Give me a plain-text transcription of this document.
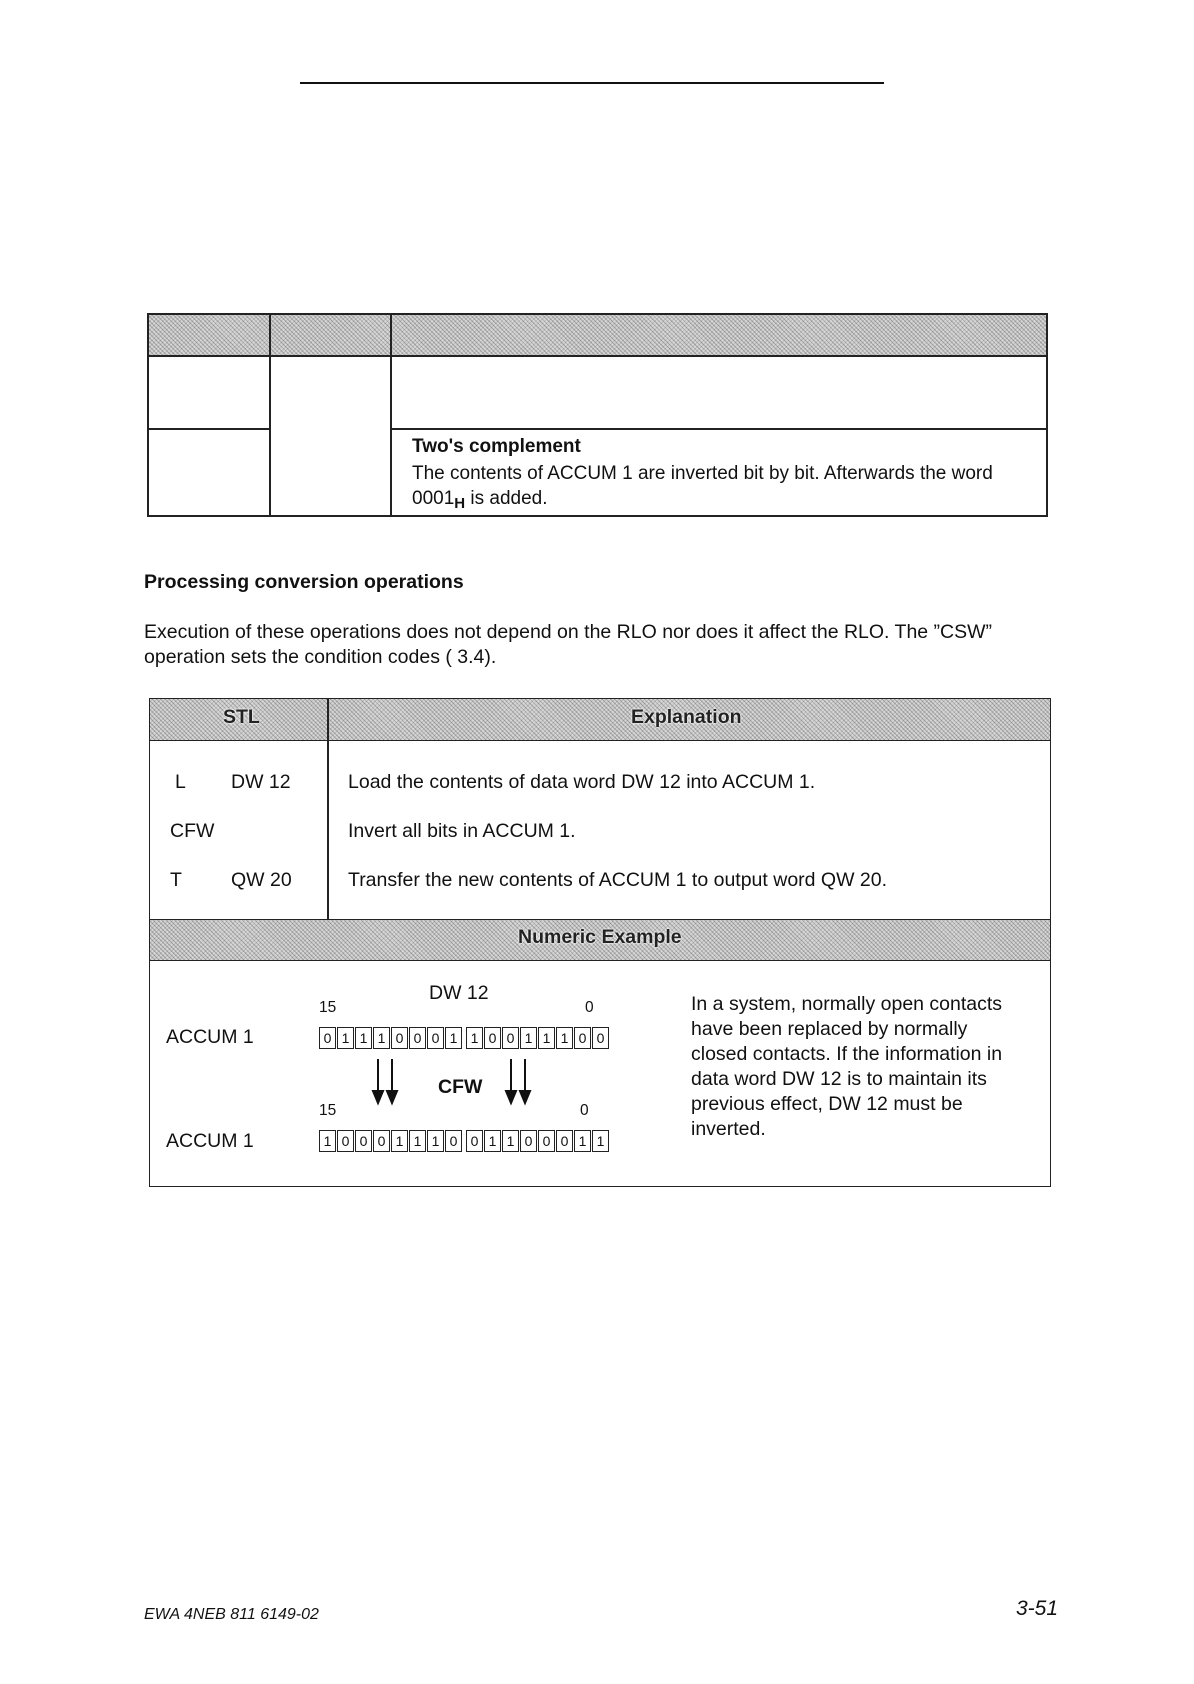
Two's complement
The contents of ACCUM 1 are inverted bit by bit. Afterwards the word $0001_H$ is added.
Processing conversion operations
Execution of these operations does not depend on the RLO nor does it affect the RLO. The ”CSW” operation sets the condition codes ( 3.4).
STL	Explanation
L DW 12	Load the contents of data word DW 12 into ACCUM 1.
CFW	Invert all bits in ACCUM 1.
T	QW 20	Transfer the new contents of ACCUM 1 to output word QW 20.
Numeric Example
DW 12
15	0
ACCUM 1	0 1 1 1 0 0 0 1 1 0 0 1 1 1 0 0
CFW
15	0
ACCUM 1	1 0 0 0 1 1 1 0 0 1 1 0 0 0 1 1
In a system, normally open contacts have been replaced by normally closed contacts. If the information in data word DW 12 is to maintain its previous effect, DW 12 must be inverted.
EWA 4NEB 811 6149-02	3-51
